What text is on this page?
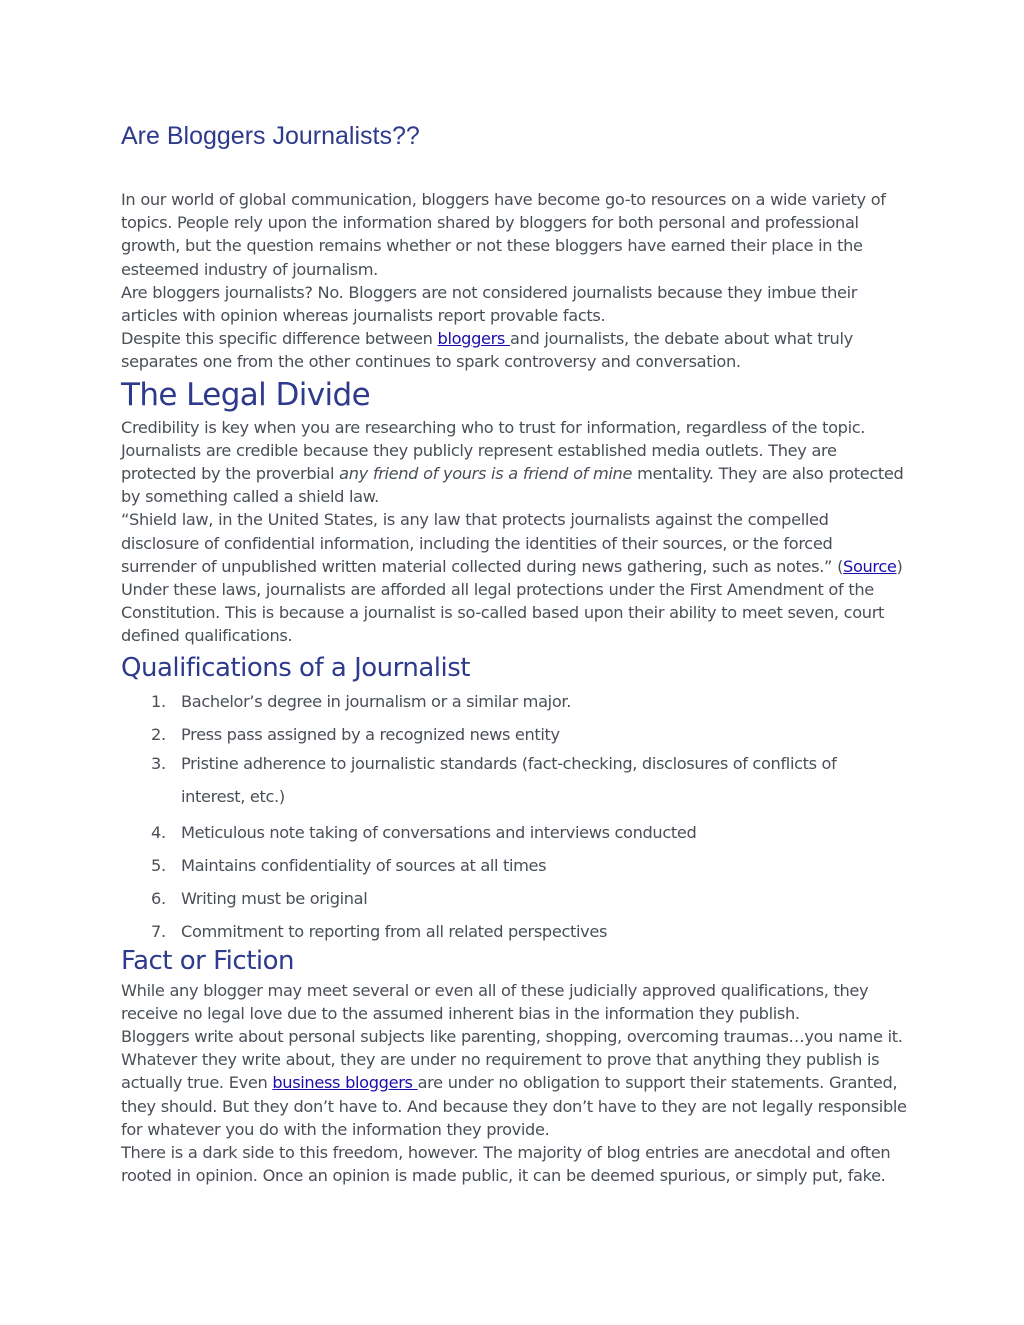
Are Bloggers Journalists??

In our world of global communication, bloggers have become go-to resources on a wide variety of topics. People rely upon the information shared by bloggers for both personal and professional growth, but the question remains whether or not these bloggers have earned their place in the esteemed industry of journalism.

Are bloggers journalists? No. Bloggers are not considered journalists because they imbue their articles with opinion whereas journalists report provable facts.

Despite this specific difference between bloggers and journalists, the debate about what truly separates one from the other continues to spark controversy and conversation.

The Legal Divide

Credibility is key when you are researching who to trust for information, regardless of the topic. Journalists are credible because they publicly represent established media outlets. They are protected by the proverbial any friend of yours is a friend of mine mentality. They are also protected by something called a shield law.

“Shield law, in the United States, is any law that protects journalists against the compelled disclosure of confidential information, including the identities of their sources, or the forced surrender of unpublished written material collected during news gathering, such as notes.” (Source)

Under these laws, journalists are afforded all legal protections under the First Amendment of the Constitution. This is because a journalist is so-called based upon their ability to meet seven, court defined qualifications.

Qualifications of a Journalist
1. Bachelor’s degree in journalism or a similar major.
2. Press pass assigned by a recognized news entity
3. Pristine adherence to journalistic standards (fact-checking, disclosures of conflicts of
interest, etc.)
4. Meticulous note taking of conversations and interviews conducted
5. Maintains confidentiality of sources at all times
6. Writing must be original
7. Commitment to reporting from all related perspectives
Fact or Fiction

While any blogger may meet several or even all of these judicially approved qualifications, they receive no legal love due to the assumed inherent bias in the information they publish.

Bloggers write about personal subjects like parenting, shopping, overcoming traumas…you name it. Whatever they write about, they are under no requirement to prove that anything they publish is actually true. Even business bloggers are under no obligation to support their statements. Granted, they should. But they don’t have to. And because they don’t have to they are not legally responsible for whatever you do with the information they provide.

There is a dark side to this freedom, however. The majority of blog entries are anecdotal and often rooted in opinion. Once an opinion is made public, it can be deemed spurious, or simply put, fake.
